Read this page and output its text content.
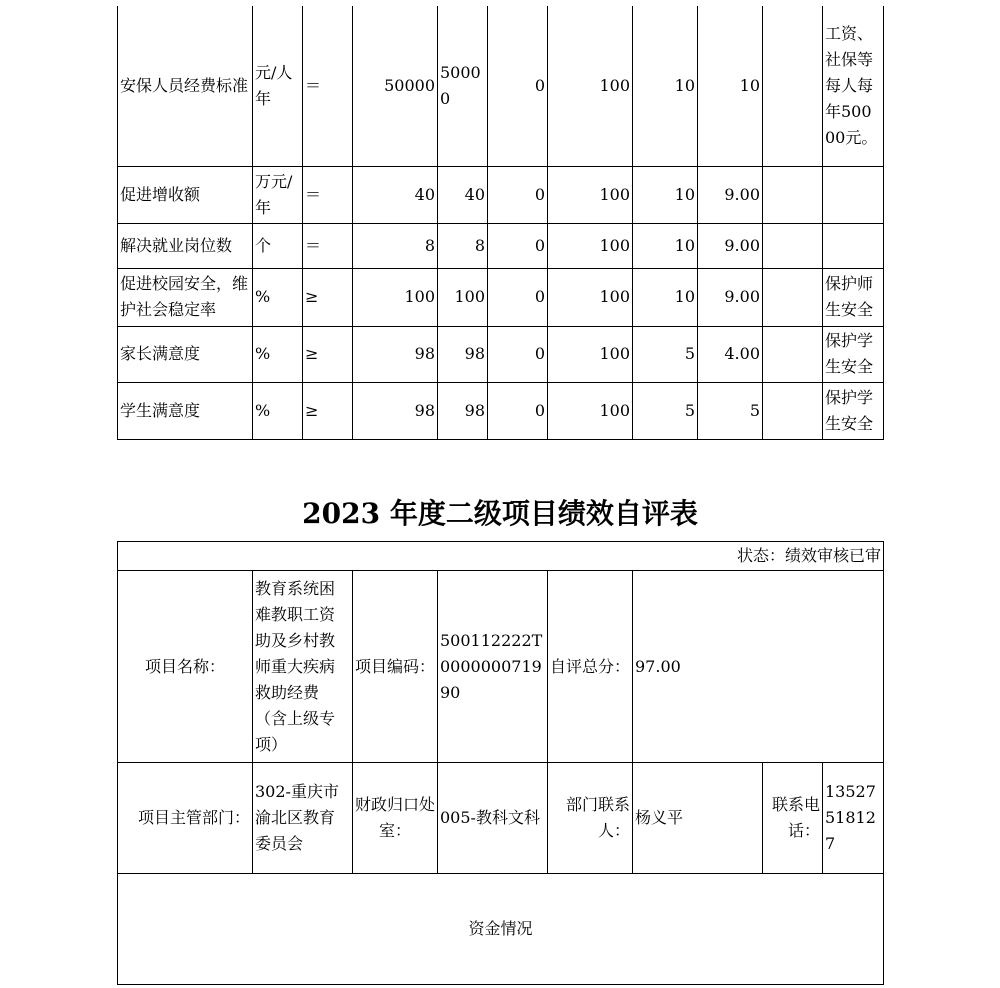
安保人员经费标准	元/人年	＝	50000	50000	0	100	10	10		工资、社保等每人每年50000元。
促进增收额	万元/年	＝	40	40	0	100	10	9.00		
解决就业岗位数	个	＝	8	8	0	100	10	9.00		
促进校园安全，维护社会稳定率	%	≥	100	100	0	100	10	9.00		保护师生安全
家长满意度	%	≥	98	98	0	100	5	4.00		保护学生安全
学生满意度	%	≥	98	98	0	100	5	5		保护学生安全
2023 年度二级项目绩效自评表
状态：绩效审核已审							
项目名称：	教育系统困难教职工资助及乡村教师重大疾病救助经费（含上级专项）	项目编码：	500112222T000000071990	自评总分：	97.00		
项目主管部门：	302-重庆市渝北区教育委员会	财政归口处室：	005-教科文科	部门联系人：	杨义平	联系电话：	13527518127
资金情况							
